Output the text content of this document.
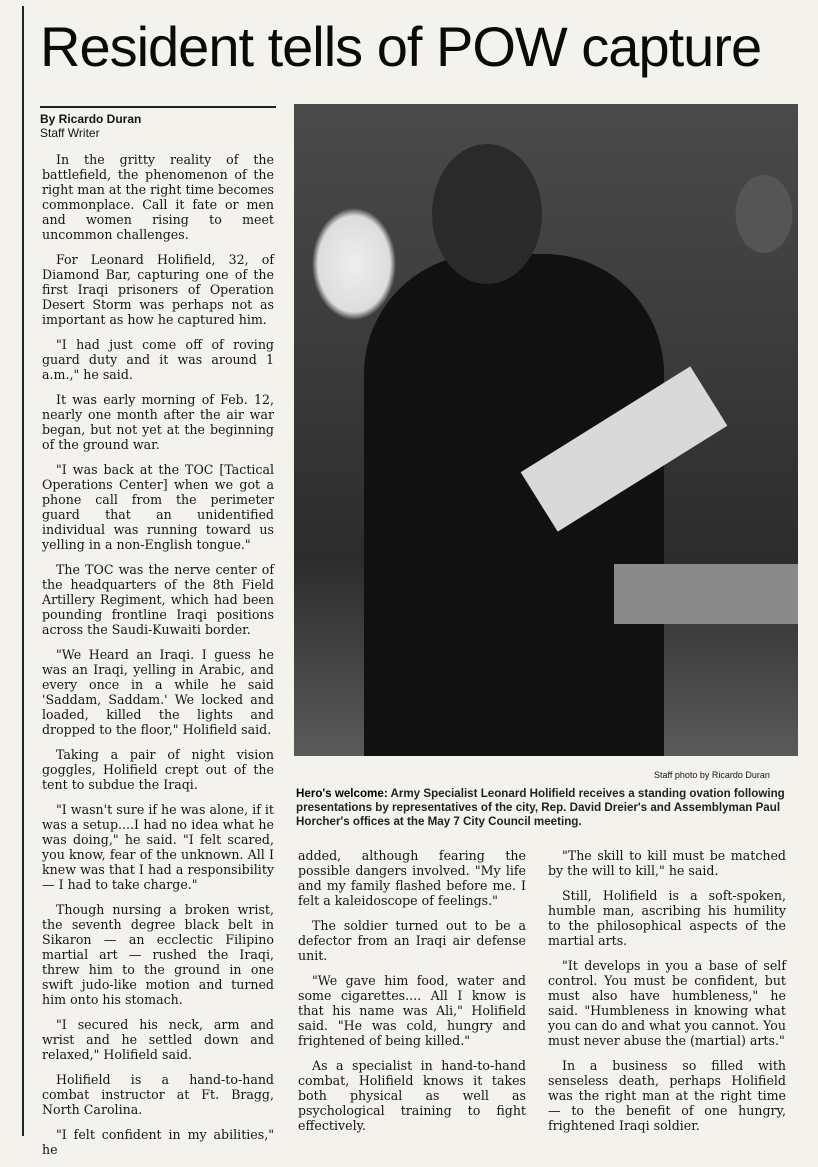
Resident tells of POW capture
By Ricardo Duran
Staff Writer

In the gritty reality of the battlefield, the phenomenon of the right man at the right time becomes commonplace. Call it fate or men and women rising to meet uncommon challenges.

For Leonard Holifield, 32, of Diamond Bar, capturing one of the first Iraqi prisoners of Operation Desert Storm was perhaps not as important as how he captured him.

"I had just come off of roving guard duty and it was around 1 a.m.," he said.

It was early morning of Feb. 12, nearly one month after the air war began, but not yet at the beginning of the ground war.

"I was back at the TOC [Tactical Operations Center] when we got a phone call from the perimeter guard that an unidentified individual was running toward us yelling in a non-English tongue."

The TOC was the nerve center of the headquarters of the 8th Field Artillery Regiment, which had been pounding frontline Iraqi positions across the Saudi-Kuwaiti border.

"We Heard an Iraqi. I guess he was an Iraqi, yelling in Arabic, and every once in a while he said 'Saddam, Saddam.' We locked and loaded, killed the lights and dropped to the floor," Holifield said.

Taking a pair of night vision goggles, Holifield crept out of the tent to subdue the Iraqi.

"I wasn't sure if he was alone, if it was a setup....I had no idea what he was doing," he said. "I felt scared, you know, fear of the unknown. All I knew was that I had a responsibility — I had to take charge."

Though nursing a broken wrist, the seventh degree black belt in Sikaron — an ecclectic Filipino martial art — rushed the Iraqi, threw him to the ground in one swift judo-like motion and turned him onto his stomach.

"I secured his neck, arm and wrist and he settled down and relaxed," Holifield said.

Holifield is a hand-to-hand combat instructor at Ft. Bragg, North Carolina.

"I felt confident in my abilities," he

Staff photo by Ricardo Duran
Hero's welcome: Army Specialist Leonard Holifield receives a standing ovation following presentations by representatives of the city, Rep. David Dreier's and Assemblyman Paul Horcher's offices at the May 7 City Council meeting.

added, although fearing the possible dangers involved. "My life and my family flashed before me. I felt a kaleidoscope of feelings."

The soldier turned out to be a defector from an Iraqi air defense unit.

"We gave him food, water and some cigarettes.... All I know is that his name was Ali," Holifield said. "He was cold, hungry and frightened of being killed."

As a specialist in hand-to-hand combat, Holifield knows it takes both physical as well as psychological training to fight effectively.

"The skill to kill must be matched by the will to kill," he said.

Still, Holifield is a soft-spoken, humble man, ascribing his humility to the philosophical aspects of the martial arts.

"It develops in you a base of self control. You must be confident, but must also have humbleness," he said. "Humbleness in knowing what you can do and what you cannot. You must never abuse the (martial) arts."

In a business so filled with senseless death, perhaps Holifield was the right man at the right time — to the benefit of one hungry, frightened Iraqi soldier.
